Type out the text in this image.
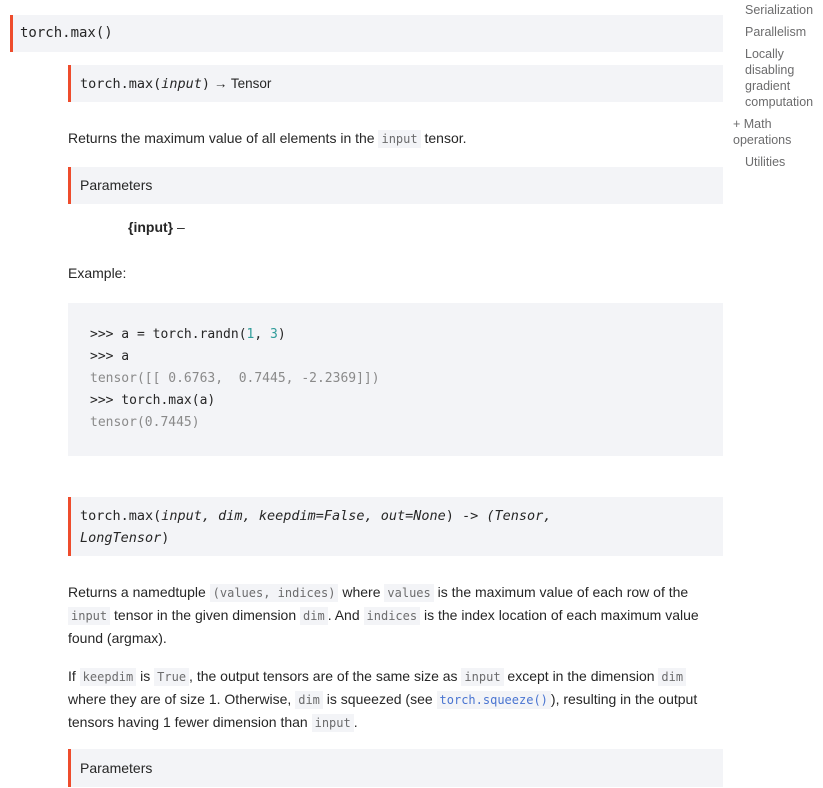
torch.max()
torch.max(input) → Tensor

Returns the maximum value of all elements in the input tensor.

Parameters
{input} –

Example:

>>> a = torch.randn(1, 3)
>>> a
tensor([[ 0.6763,  0.7445, -2.2369]])
>>> torch.max(a)
tensor(0.7445)
torch.max(input, dim, keepdim=False, out=None) -> (Tensor, LongTensor)

Returns a namedtuple (values, indices) where values is the maximum value of each row of the input tensor in the given dimension dim . And indices is the index location of each maximum value found (argmax).

If keepdim is True , the output tensors are of the same size as input except in the dimension dim where they are of size 1. Otherwise, dim is squeezed (see torch.squeeze() ), resulting in the output tensors having 1 fewer dimension than input .

Parameters
Serialization
Parallelism
Locally disabling gradient
computation
+ Math operations
Utilities
